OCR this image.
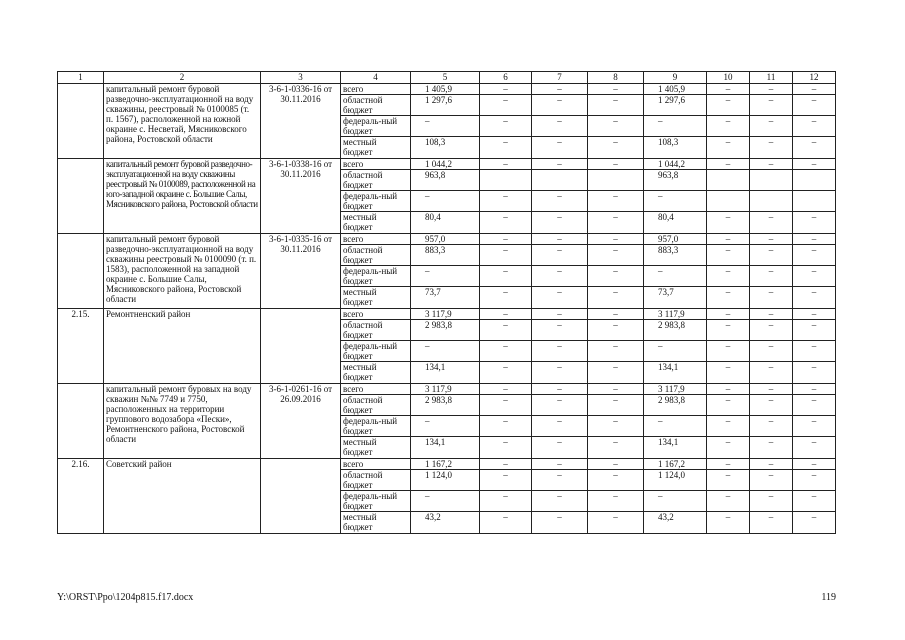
1	2	3	4	5	6	7	8	9	10	11	12
	капитальный ремонт буровой разведочно-эксплуатационной на воду скважины, реестровый № 0100085 (т. п. 1567), расположенной на южной окраине с. Несветай, Мясниковского района, Ростовской области	3-6-1-0336-16 от 30.11.2016	всего	1 405,9	–	–	–	1 405,9	–	–	–
			областной бюджет	1 297,6	–	–	–	1 297,6	–	–	–
			федераль-ный бюджет	–	–	–	–	–	–	–	–
			местный бюджет	108,3	–	–	–	108,3	–	–	–
	капитальный ремонт буровой разведочно-эксплуатационной на воду скважины реестровый № 0100089, расположенной на юго-западной окраине с. Большие Салы, Мясниковского района, Ростовской области	3-6-1-0338-16 от 30.11.2016	всего	1 044,2	–	–	–	1 044,2	–	–	–
			областной бюджет	963,8				963,8			
			федераль-ный бюджет	–	–	–	–	–			
			местный бюджет	80,4	–	–	–	80,4	–	–	–
	капитальный ремонт буровой разведочно-эксплуатационной на воду скважины реестровый № 0100090 (т. п. 1583), расположенной на западной окраине с. Большие Салы, Мясниковского района, Ростовской области	3-6-1-0335-16 от 30.11.2016	всего	957,0	–	–	–	957,0	–	–	–
			областной бюджет	883,3	–	–	–	883,3	–	–	–
			федераль-ный бюджет	–	–	–	–	–	–	–	–
			местный бюджет	73,7	–	–	–	73,7	–	–	–
2.15.	Ремонтненский район		всего	3 117,9	–	–	–	3 117,9	–	–	–
			областной бюджет	2 983,8	–	–	–	2 983,8	–	–	–
			федераль-ный бюджет	–	–	–	–	–	–	–	–
			местный бюджет	134,1	–	–	–	134,1	–	–	–
	капитальный ремонт буровых на воду скважин №№ 7749 и 7750, расположенных на территории группового водозабора «Пески», Ремонтненского района, Ростовской области	3-6-1-0261-16 от 26.09.2016	всего	3 117,9	–	–	–	3 117,9	–	–	–
			областной бюджет	2 983,8	–	–	–	2 983,8	–	–	–
			федераль-ный бюджет	–	–	–	–	–	–	–	–
			местный бюджет	134,1	–	–	–	134,1	–	–	–
2.16.	Советский район		всего	1 167,2	–	–	–	1 167,2	–	–	–
			областной бюджет	1 124,0	–	–	–	1 124,0	–	–	–
			федераль-ный бюджет	–	–	–	–	–	–	–	–
			местный бюджет	43,2	–	–	–	43,2	–	–	–
Y:\ORST\Ppo\1204p815.f17.docx	119
